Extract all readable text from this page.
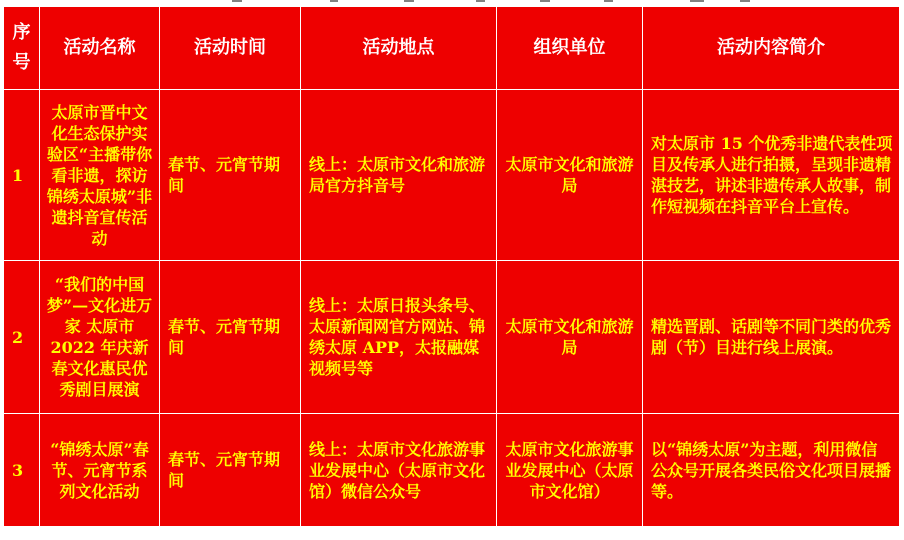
序号	活动名称	活动时间	活动地点	组织单位	活动内容简介
1	太原市晋中文化生态保护实验区“主播带你看非遗，探访锦绣太原城”非遗抖音宣传活动	春节、元宵节期间	线上：太原市文化和旅游局官方抖音号	太原市文化和旅游局	对太原市 15 个优秀非遗代表性项目及传承人进行拍摄，呈现非遗精湛技艺，讲述非遗传承人故事，制作短视频在抖音平台上宣传。
2	“我们的中国梦”—文化进万家 太原市 2022 年庆新春文化惠民优秀剧目展演	春节、元宵节期间	线上：太原日报头条号、太原新闻网官方网站、锦绣太原 APP，太报融媒视频号等	太原市文化和旅游局	精选晋剧、话剧等不同门类的优秀剧（节）目进行线上展演。
3	“锦绣太原”春节、元宵节系列文化活动	春节、元宵节期间	线上：太原市文化旅游事业发展中心（太原市文化馆）微信公众号	太原市文化旅游事业发展中心（太原市文化馆）	以“锦绣太原”为主题，利用微信公众号开展各类民俗文化项目展播等。
